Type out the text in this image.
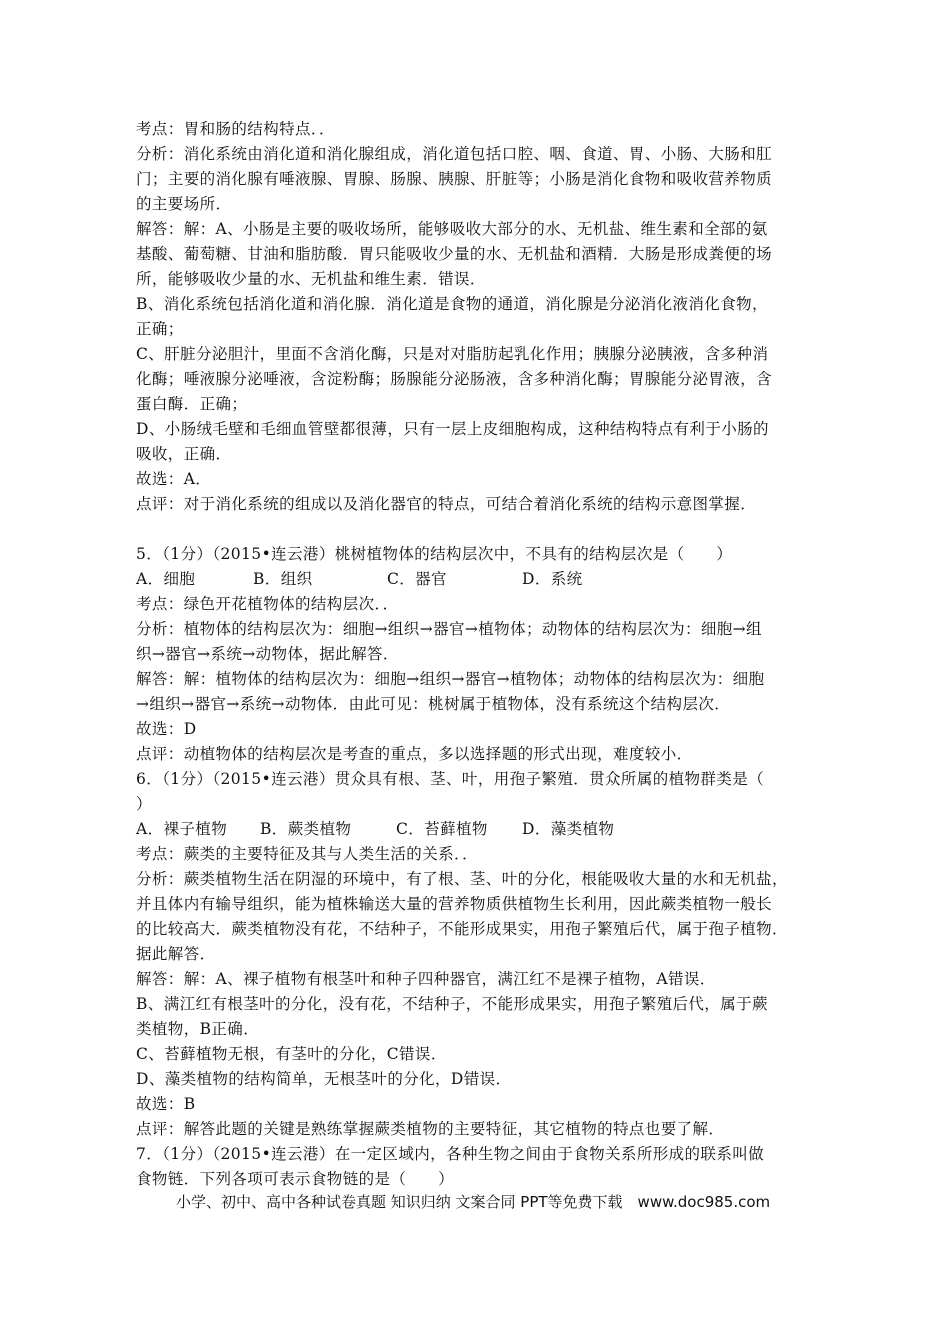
考点：胃和肠的结构特点．．
分析：消化系统由消化道和消化腺组成，消化道包括口腔、咽、食道、胃、小肠、大肠和肛
门；主要的消化腺有唾液腺、胃腺、肠腺、胰腺、肝脏等；小肠是消化食物和吸收营养物质
的主要场所．
解答：解：A、小肠是主要的吸收场所，能够吸收大部分的水、无机盐、维生素和全部的氨
基酸、葡萄糖、甘油和脂肪酸．胃只能吸收少量的水、无机盐和酒精．大肠是形成粪便的场
所，能够吸收少量的水、无机盐和维生素．错误．
B、消化系统包括消化道和消化腺．消化道是食物的通道，消化腺是分泌消化液消化食物，
正确；
C、肝脏分泌胆汁，里面不含消化酶，只是对对脂肪起乳化作用；胰腺分泌胰液，含多种消
化酶；唾液腺分泌唾液，含淀粉酶；肠腺能分泌肠液，含多种消化酶；胃腺能分泌胃液，含
蛋白酶．正确；
D、小肠绒毛壁和毛细血管壁都很薄，只有一层上皮细胞构成，这种结构特点有利于小肠的
吸收，正确．
故选：A．
点评：对于消化系统的组成以及消化器官的特点，可结合着消化系统的结构示意图掌握．
5．（1分）（2015•连云港）桃树植物体的结构层次中，不具有的结构层次是（　　）
A．细胞	B．组织	C．器官	D．系统
考点：绿色开花植物体的结构层次．．
分析：植物体的结构层次为：细胞→组织→器官→植物体；动物体的结构层次为：细胞→组
织→器官→系统→动物体，据此解答．
解答：解：植物体的结构层次为：细胞→组织→器官→植物体；动物体的结构层次为：细胞
→组织→器官→系统→动物体．由此可见：桃树属于植物体，没有系统这个结构层次．
故选：D
点评：动植物体的结构层次是考查的重点，多以选择题的形式出现，难度较小．
6．（1分）（2015•连云港）贯众具有根、茎、叶，用孢子繁殖．贯众所属的植物群类是（
）
A．裸子植物 B．蕨类植物	C．苔藓植物 D．藻类植物
考点：蕨类的主要特征及其与人类生活的关系．．
分析：蕨类植物生活在阴湿的环境中，有了根、茎、叶的分化，根能吸收大量的水和无机盐，
并且体内有输导组织，能为植株输送大量的营养物质供植物生长利用，因此蕨类植物一般长
的比较高大．蕨类植物没有花，不结种子，不能形成果实，用孢子繁殖后代，属于孢子植物．
据此解答．
解答：解：A、裸子植物有根茎叶和种子四种器官，满江红不是裸子植物，A错误．
B、满江红有根茎叶的分化，没有花，不结种子，不能形成果实，用孢子繁殖后代，属于蕨
类植物，B正确．
C、苔藓植物无根，有茎叶的分化，C错误．
D、藻类植物的结构简单，无根茎叶的分化，D错误．
故选：B
点评：解答此题的关键是熟练掌握蕨类植物的主要特征，其它植物的特点也要了解．
7．（1分）（2015•连云港）在一定区域内，各种生物之间由于食物关系所形成的联系叫做
食物链．下列各项可表示食物链的是（　　）
小学、初中、高中各种试卷真题 知识归纳 文案合同 PPT等免费下载　www.doc985.com
